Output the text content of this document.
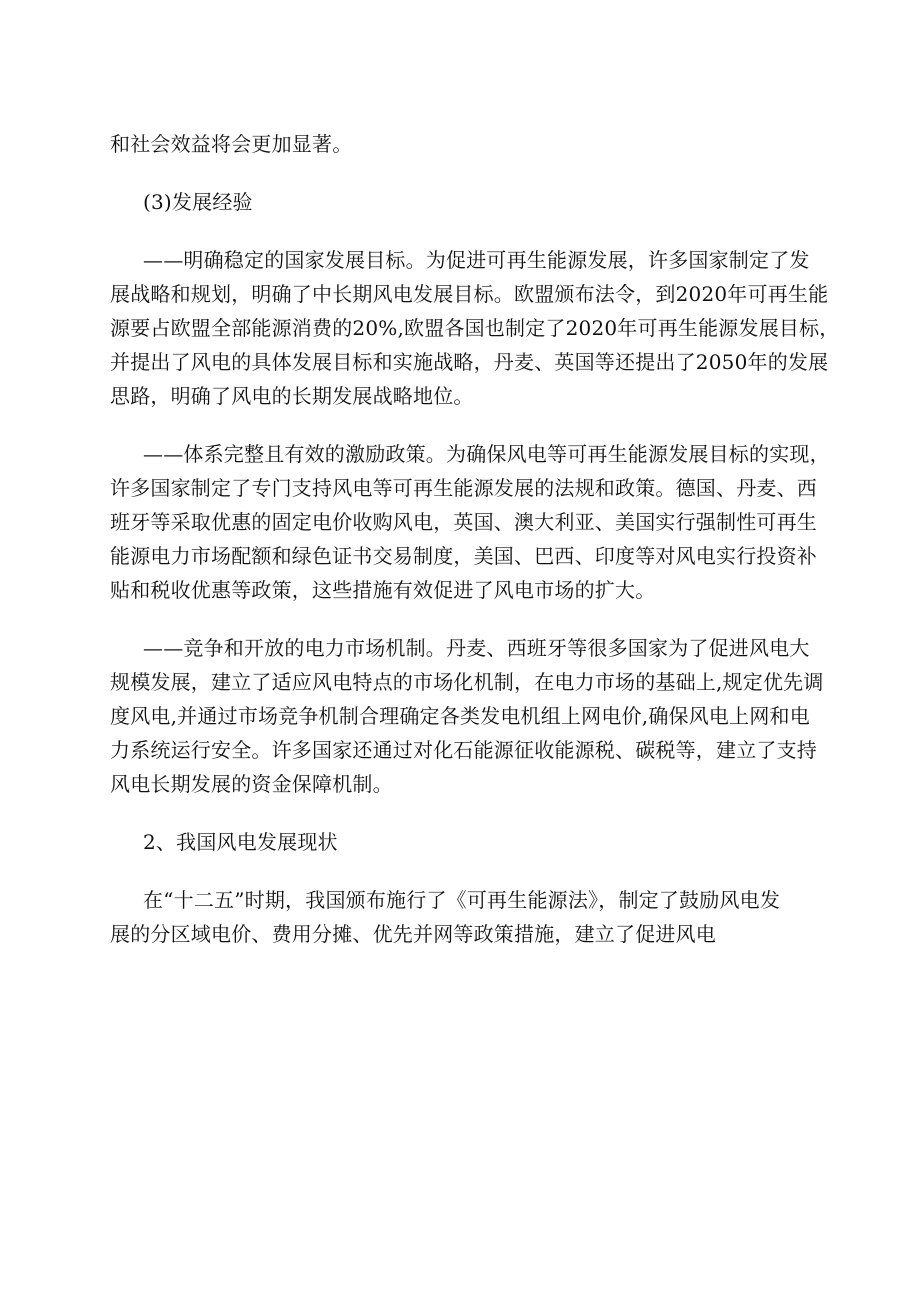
和社会效益将会更加显著。
(3)发展经验
——明确稳定的国家发展目标。为促进可再生能源发展，许多国家制定了发
展战略和规划，明确了中长期风电发展目标。欧盟颁布法令，到2020年可再生能
源要占欧盟全部能源消费的20%,欧盟各国也制定了2020年可再生能源发展目标，
并提出了风电的具体发展目标和实施战略，丹麦、英国等还提出了2050年的发展
思路，明确了风电的长期发展战略地位。
——体系完整且有效的激励政策。为确保风电等可再生能源发展目标的实现，
许多国家制定了专门支持风电等可再生能源发展的法规和政策。德国、丹麦、西
班牙等采取优惠的固定电价收购风电，英国、澳大利亚、美国实行强制性可再生
能源电力市场配额和绿色证书交易制度，美国、巴西、印度等对风电实行投资补
贴和税收优惠等政策，这些措施有效促进了风电市场的扩大。
——竞争和开放的电力市场机制。丹麦、西班牙等很多国家为了促进风电大
规模发展，建立了适应风电特点的市场化机制，在电力市场的基础上,规定优先调
度风电,并通过市场竞争机制合理确定各类发电机组上网电价,确保风电上网和电
力系统运行安全。许多国家还通过对化石能源征收能源税、碳税等，建立了支持
风电长期发展的资金保障机制。
2、我国风电发展现状
在“十二五”时期，我国颁布施行了《可再生能源法》，制定了鼓励风电发
展的分区域电价、费用分摊、优先并网等政策措施，建立了促进风电
